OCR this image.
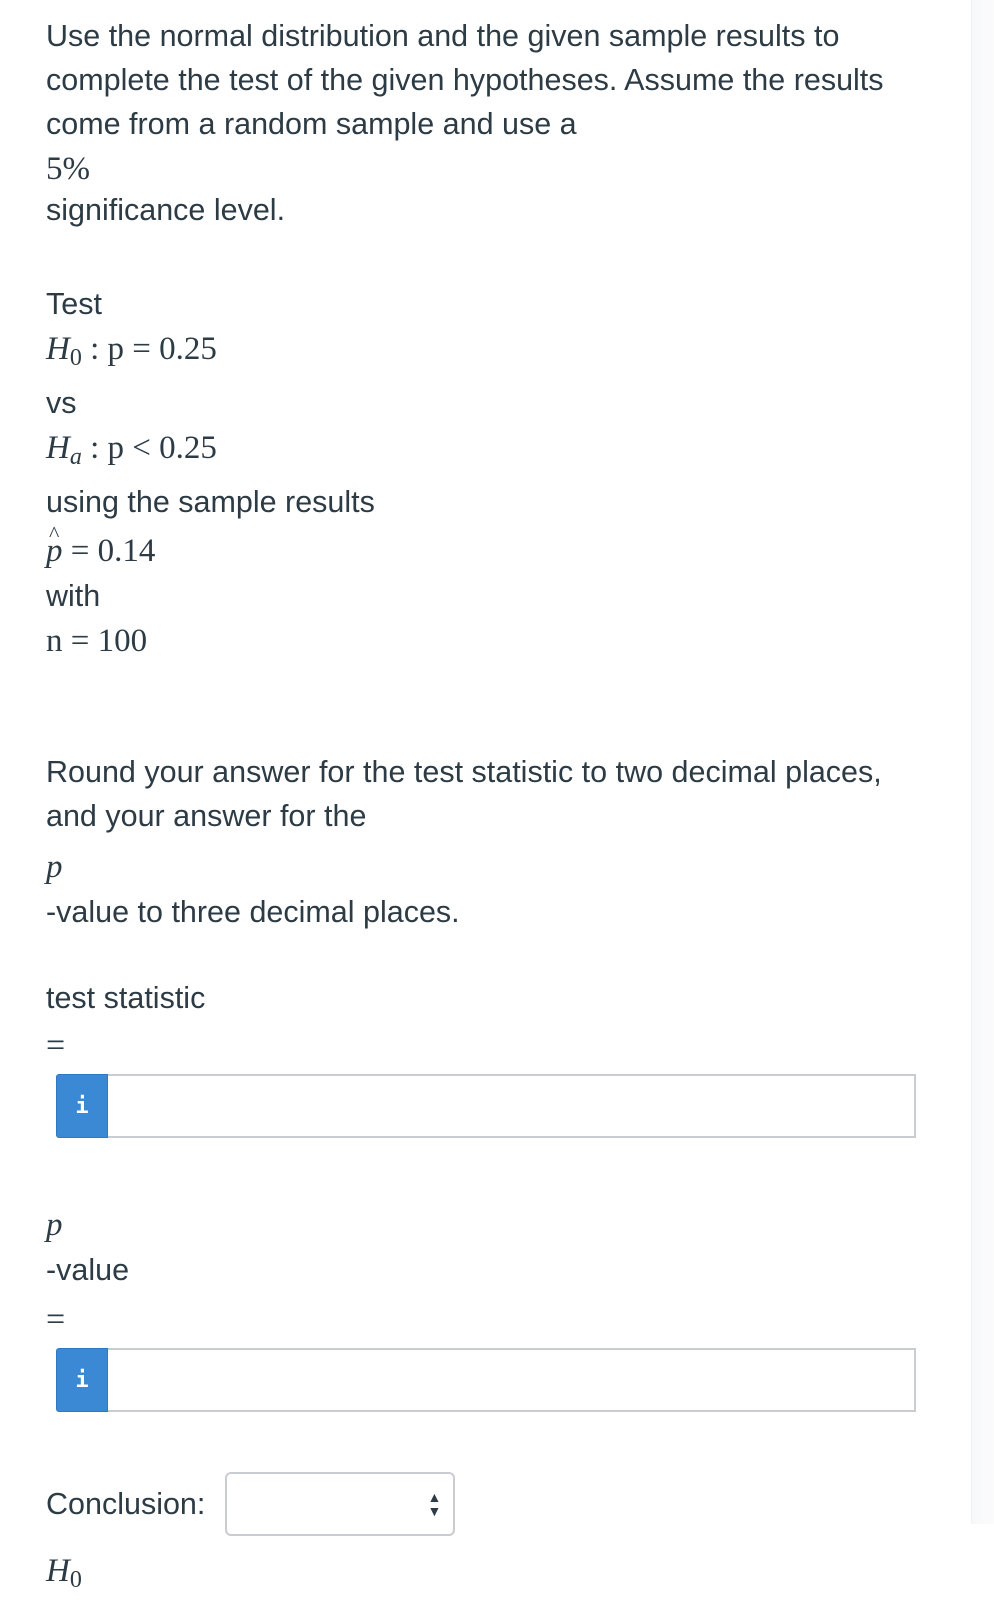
Use the normal distribution and the given sample results to complete the test of the given hypotheses. Assume the results come from a random sample and use a

5%

significance level.

Test
$H_0$ : p = 0.25
vs
Ha : p < 0.25
using the sample results
^ p = 0.14
with
n = 100

Round your answer for the test statistic to two decimal places, and your answer for the

p

-value to three decimal places.

test statistic
=
i
p
-value
=
i
Conclusion:	▲
▼
$H_0$
